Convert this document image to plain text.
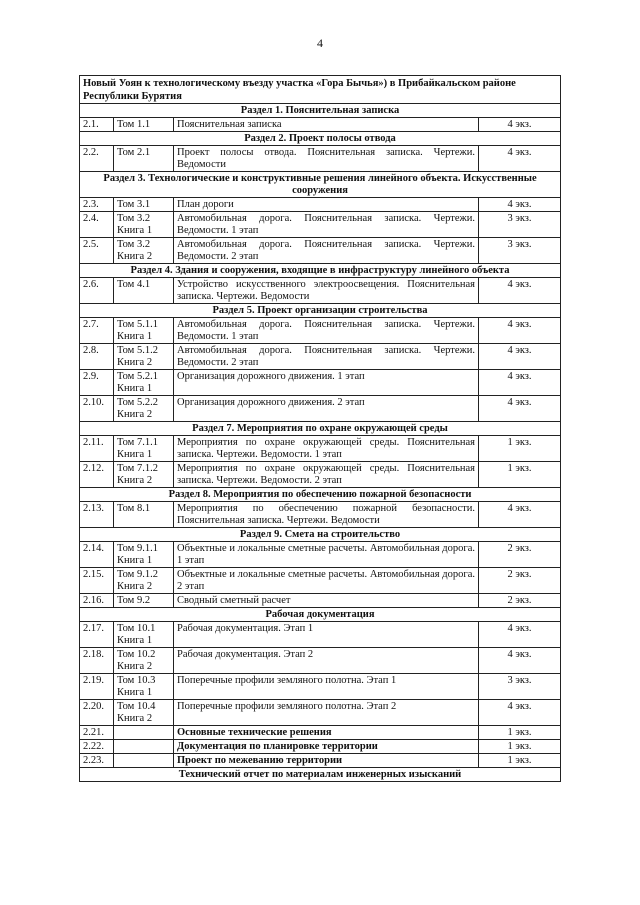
4
Новый Уоян к технологическому въезду участка «Гора Бычья») в Прибайкальском районе Республики Бурятия			
Раздел 1. Пояснительная записка			
2.1.	Том 1.1	Пояснительная записка	4 экз.
Раздел 2. Проект полосы отвода			
2.2.	Том 2.1	Проект полосы отвода. Пояснительная записка. Чертежи. Ведомости	4 экз.
Раздел 3. Технологические и конструктивные решения линейного объекта. Искусственные сооружения			
2.3.	Том 3.1	План дороги	4 экз.
2.4.	Том 3.2 Книга 1	Автомобильная дорога. Пояснительная записка. Чертежи. Ведомости. 1 этап	3 экз.
2.5.	Том 3.2 Книга 2	Автомобильная дорога. Пояснительная записка. Чертежи. Ведомости. 2 этап	3 экз.
Раздел 4. Здания и сооружения, входящие в инфраструктуру линейного объекта			
2.6.	Том 4.1	Устройство искусственного электроосвещения. Пояснительная записка. Чертежи. Ведомости	4 экз.
Раздел 5. Проект организации строительства			
2.7.	Том 5.1.1 Книга 1	Автомобильная дорога. Пояснительная записка. Чертежи. Ведомости. 1 этап	4 экз.
2.8.	Том 5.1.2 Книга 2	Автомобильная дорога. Пояснительная записка. Чертежи. Ведомости. 2 этап	4 экз.
2.9.	Том 5.2.1 Книга 1	Организация дорожного движения. 1 этап	4 экз.
2.10.	Том 5.2.2 Книга 2	Организация дорожного движения. 2 этап	4 экз.
Раздел 7. Мероприятия по охране окружающей среды			
2.11.	Том 7.1.1 Книга 1	Мероприятия по охране окружающей среды. Пояснительная записка. Чертежи. Ведомости. 1 этап	1 экз.
2.12.	Том 7.1.2 Книга 2	Мероприятия по охране окружающей среды. Пояснительная записка. Чертежи. Ведомости. 2 этап	1 экз.
Раздел 8. Мероприятия по обеспечению пожарной безопасности			
2.13.	Том 8.1	Мероприятия по обеспечению пожарной безопасности. Пояснительная записка. Чертежи. Ведомости	4 экз.
Раздел 9. Смета на строительство			
2.14.	Том 9.1.1 Книга 1	Объектные и локальные сметные расчеты. Автомобильная дорога. 1 этап	2 экз.
2.15.	Том 9.1.2 Книга 2	Объектные и локальные сметные расчеты. Автомобильная дорога. 2 этап	2 экз.
2.16.	Том 9.2	Сводный сметный расчет	2 экз.
Рабочая документация			
2.17.	Том 10.1 Книга 1	Рабочая документация. Этап 1	4 экз.
2.18.	Том 10.2 Книга 2	Рабочая документация. Этап 2	4 экз.
2.19.	Том 10.3 Книга 1	Поперечные профили земляного полотна. Этап 1	3 экз.
2.20.	Том 10.4 Книга 2	Поперечные профили земляного полотна. Этап 2	4 экз.
2.21.		Основные технические решения	1 экз.
2.22.		Документация по планировке территории	1 экз.
2.23.		Проект по межеванию территории	1 экз.
Технический отчет по материалам инженерных изысканий			
